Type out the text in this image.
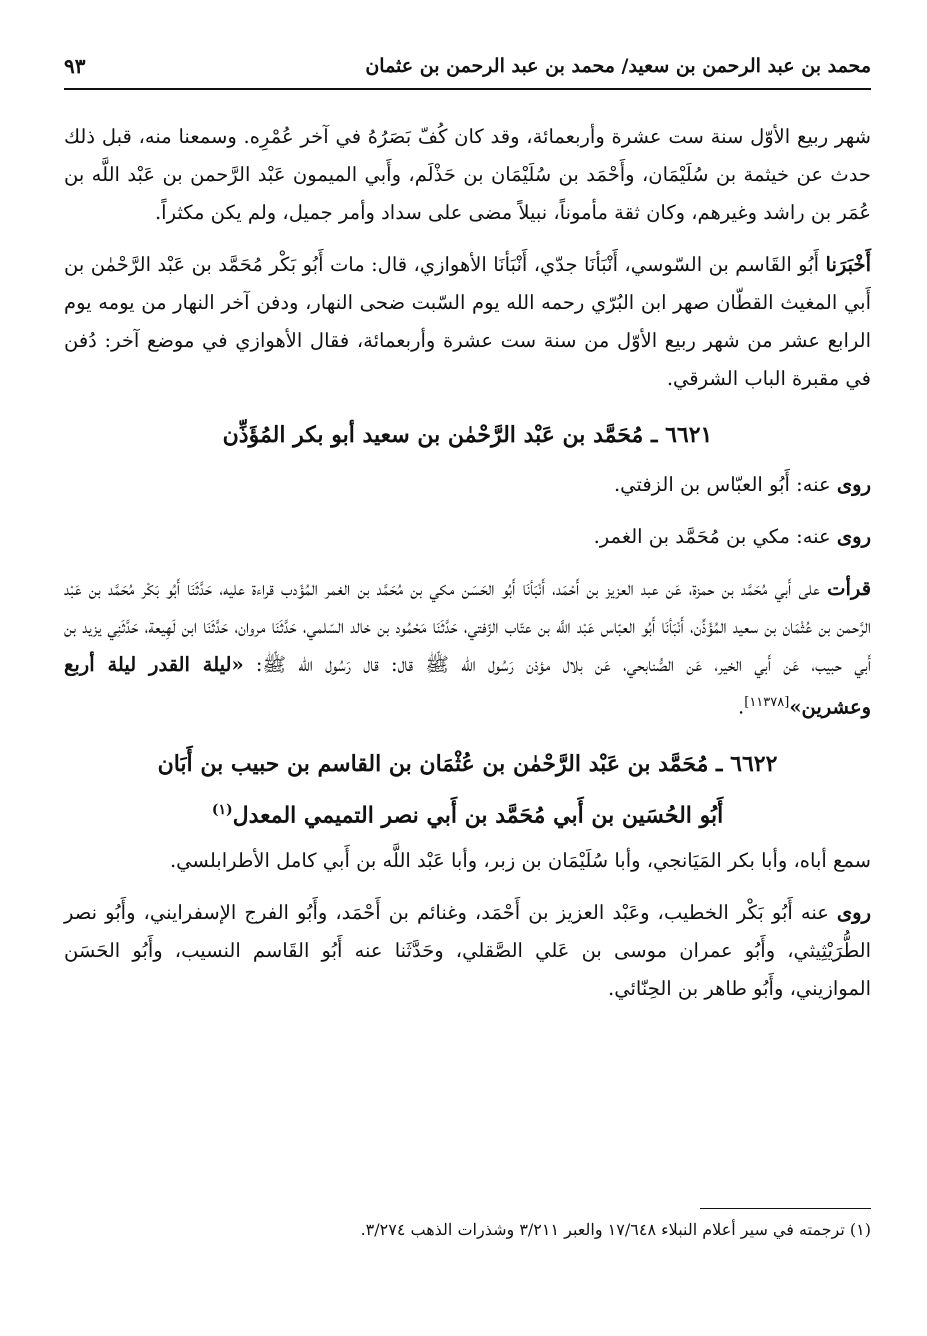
محمد بن عبد الرحمن بن سعيد/ محمد بن عبد الرحمن بن عثمان
٩٣

شهر ربيع الأوّل سنة ست عشرة وأربعمائة، وقد كان كُفّ بَصَرُهُ في آخر عُمْرِه. وسمعنا منه، قبل ذلك حدث عن خيثمة بن سُلَيْمَان، وأَحْمَد بن سُلَيْمَان بن حَذْلَم، وأَبي الميمون عَبْد الرَّحمن بن عَبْد اللَّه بن عُمَر بن راشد وغيرهم، وكان ثقة مأموناً، نبيلاً مضى على سداد وأمر جميل، ولم يكن مكثراً.

أَخْبَرَنا أَبُو القَاسم بن السّوسي، أَنْبَأنَا جدّي، أَنْبَأنَا الأهوازي، قال: مات أَبُو بَكْر مُحَمَّد بن عَبْد الرَّحْمٰن بن أَبي المغيث القطّان صهر ابن البُرّي رحمه الله يوم السّبت ضحى النهار، ودفن آخر النهار من يومه يوم الرابع عشر من شهر ربيع الأوّل من سنة ست عشرة وأربعمائة، فقال الأهوازي في موضع آخر: دُفن في مقبرة الباب الشرقي.

٦٦٢١ ـ مُحَمَّد بن عَبْد الرَّحْمٰن بن سعيد أبو بكر المُؤَذِّن

روى عنه: أَبُو العبّاس بن الزفتي.

روى عنه: مكي بن مُحَمَّد بن الغمر.

قرأت على أَبي مُحَمَّد بن حمزة، عَن عبد العزيز بن أَحْمَد، أَنْبَأنَا أَبُو الحَسَن مكي بن مُحَمَّد بن الغمر المُؤَدب قراءة عليه، حَدَّثَنَا أَبُو بَكْر مُحَمَّد بن عَبْد الرَّحمن بن عُثْمَان بن سعيد المُؤَذِّن، أَنْبَأنَا أَبُو العبّاس عَبْد اللَّه بن عتّاب الزّفتي، حَدَّثَنَا مَحْمُود بن خالد السّلمي، حَدَّثَنَا مروان، حَدَّثَنَا ابن لَهِيعة، حَدَّثَنِي يزيد بن أَبي حبيب، عَن أَبي الخير، عَن الصُّنابحي، عَن بلال مؤذن رَسُول الله ﷺ قال: قال رَسُول الله ﷺ: «ليلة القدر ليلة أربع وعشرين»[١١٣٧٨].

٦٦٢٢ ـ مُحَمَّد بن عَبْد الرَّحْمٰن بن عُثْمَان بن القاسم بن حبيب بن أَبَان
أَبُو الحُسَين بن أَبي مُحَمَّد بن أَبي نصر التميمي المعدل$^{(١)}$

سمع أباه، وأبا بكر المَيَانجي، وأبا سُلَيْمَان بن زبر، وأبا عَبْد اللَّه بن أَبي كامل الأطرابلسي.

روى عنه أَبُو بَكْر الخطيب، وعَبْد العزيز بن أَحْمَد، وغنائم بن أَحْمَد، وأَبُو الفرج الإسفرايني، وأَبُو نصر الطُّرَيْثِيثي، وأَبُو عمران موسى بن عَلي الصَّقلي، وحَدَّثَنا عنه أَبُو القَاسم النسيب، وأَبُو الحَسَن الموازيني، وأَبُو طاهر بن الحِنّائي.

(١) ترجمته في سير أعلام النبلاء ١٧/٦٤٨ والعبر ٣/٢١١ وشذرات الذهب ٣/٢٧٤.
